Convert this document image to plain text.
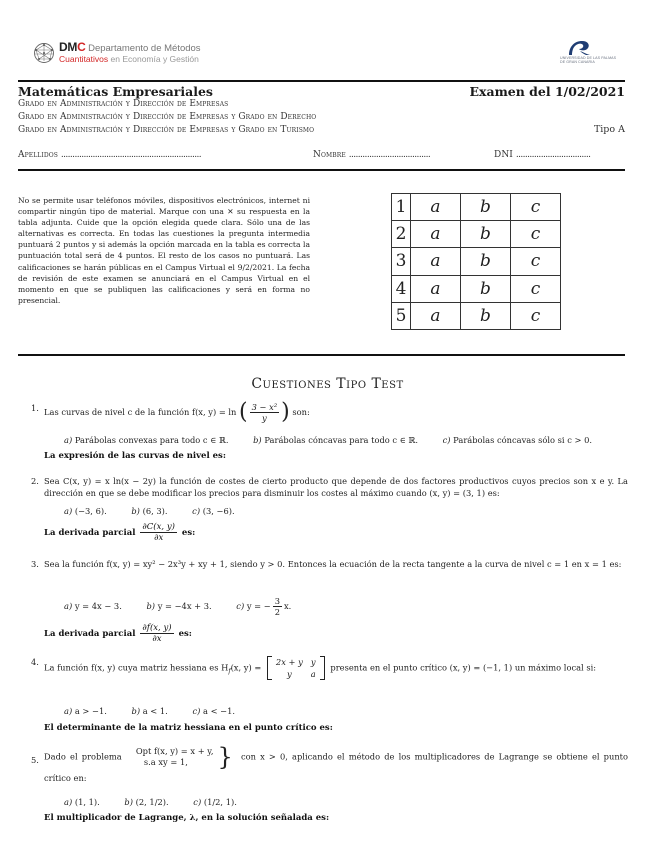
DMC Departamento de Métodos
Cuantitativos en Economía y Gestión	UNIVERSIDAD DE LAS PALMAS
DE GRAN CANARIA
Matemáticas Empresariales	Examen del 1/02/2021
Grado en Administración y Dirección de Empresas
Grado en Administración y Dirección de Empresas y Grado en Derecho
Grado en Administración y Dirección de Empresas y Grado en Turismo	Tipo A
Apellidos ..............................................................	Nombre ....................................	DNI .................................
No se permite usar teléfonos móviles, dispositivos electrónicos, internet ni compartir ningún tipo de material. Marque con una ✕ su respuesta en la tabla adjunta. Cuide que la opción elegida quede clara. Sólo una de las alternativas es correcta. En todas las cuestiones la pregunta intermedia puntuará 2 puntos y si además la opción marcada en la tabla es correcta la puntuación total será de 4 puntos. El resto de los casos no puntuará. Las calificaciones se harán públicas en el Campus Virtual el 9/2/2021. La fecha de revisión de este examen se anunciará en el Campus Virtual en el momento en que se publiquen las calificaciones y será en forma no presencial.
1	a	b	c
2	a	b	c
3	a	b	c
4	a	b	c
5	a	b	c
Cuestiones Tipo Test
1. Las curvas de nivel c de la función f(x, y) = ln ( $\frac{\text{3 − x²}}{y}$ ) son:
a) Parábolas convexas para todo c ∈ ℝ.	b) Parábolas cóncavas para todo c ∈ ℝ.	c) Parábolas cóncavas sólo si c > 0.
La expresión de las curvas de nivel es:
2. Sea C(x, y) = x ln(x − 2y) la función de costes de cierto producto que depende de dos factores productivos cuyos precios son x e y. La dirección en que se debe modificar los precios para disminuir los costes al máximo cuando (x, y) = (3, 1) es:
a) (−3, 6).	b) (6, 3).	c) (3, −6).
La derivada parcial $\frac{\partial C(x, y)}{\partial x}$ es:
3. Sea la función f(x, y) = xy² − 2x³y + xy + 1, siendo y > 0. Entonces la ecuación de la recta tangente a la curva de nivel c = 1 en x = 1 es:
a) y = 4x − 3.	b) y = −4x + 3.	c) y = − $\frac{3}{2} x$.
La derivada parcial $\frac{\partial f(x, y)}{\partial x}$ es:
4.
La función f(x, y) cuya matriz hessiana es $H_f(x$, y) =
2x + y	y
y	a
presenta en el punto crítico (x, y) = (−1, 1) un máximo local si:
a) a > −1.	b) a < 1.	c) a < −1.
El determinante de la matriz hessiana en el punto crítico es:
5. Dado el problema
Opt f(x, y) = x + y,
s.a xy = 1,	} con x > 0, aplicando el método de los multiplicadores de Lagrange se obtiene el punto crítico en:
a) (1, 1).	b) (2, 1/2).	c) (1/2, 1).
El multiplicador de Lagrange, λ, en la solución señalada es:
